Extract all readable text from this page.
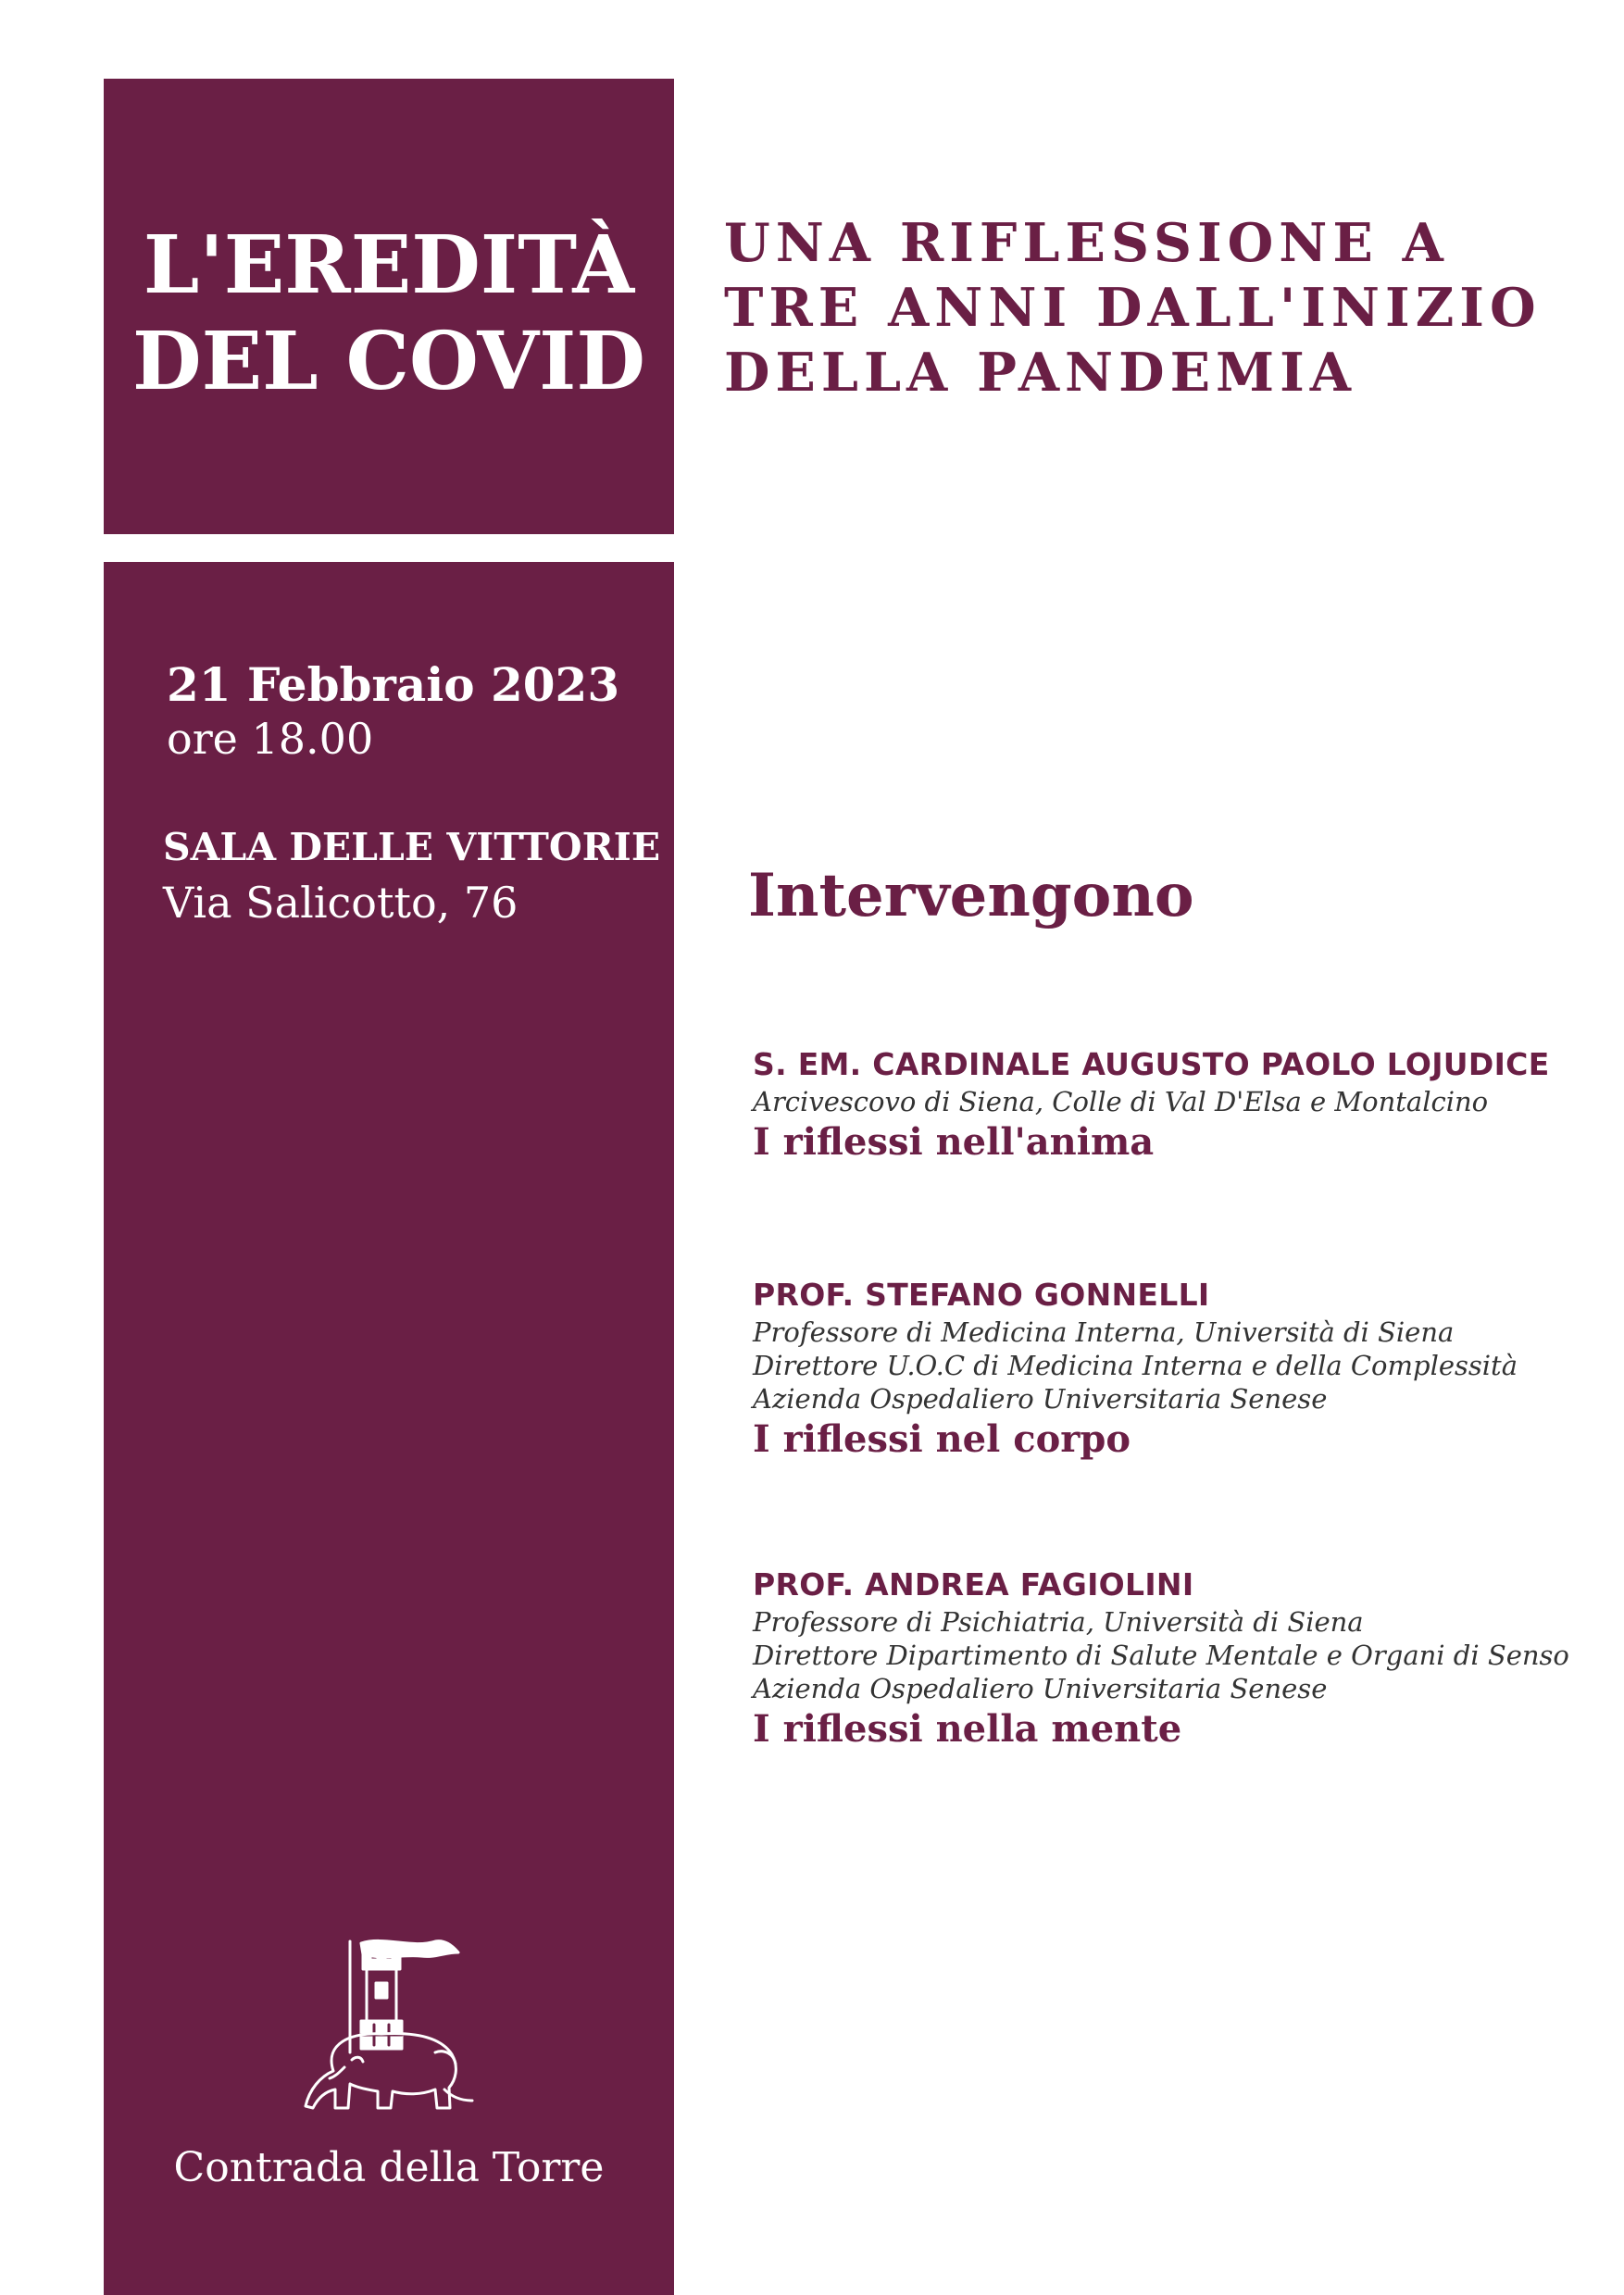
L'EREDITÀ
DEL COVID
UNA RIFLESSIONE A
TRE ANNI DALL'INIZIO
DELLA PANDEMIA
21 Febbraio 2023
ore 18.00
SALA DELLE VITTORIE
Via Salicotto, 76
Contrada della Torre
Intervengono
S. EM. CARDINALE AUGUSTO PAOLO LOJUDICE
Arcivescovo di Siena, Colle di Val D'Elsa e Montalcino
I riflessi nell'anima
PROF. STEFANO GONNELLI
Professore di Medicina Interna, Università di Siena
Direttore U.O.C di Medicina Interna e della Complessità
Azienda Ospedaliero Universitaria Senese
I riflessi nel corpo
PROF. ANDREA FAGIOLINI
Professore di Psichiatria, Università di Siena
Direttore Dipartimento di Salute Mentale e Organi di Senso
Azienda Ospedaliero Universitaria Senese
I riflessi nella mente
